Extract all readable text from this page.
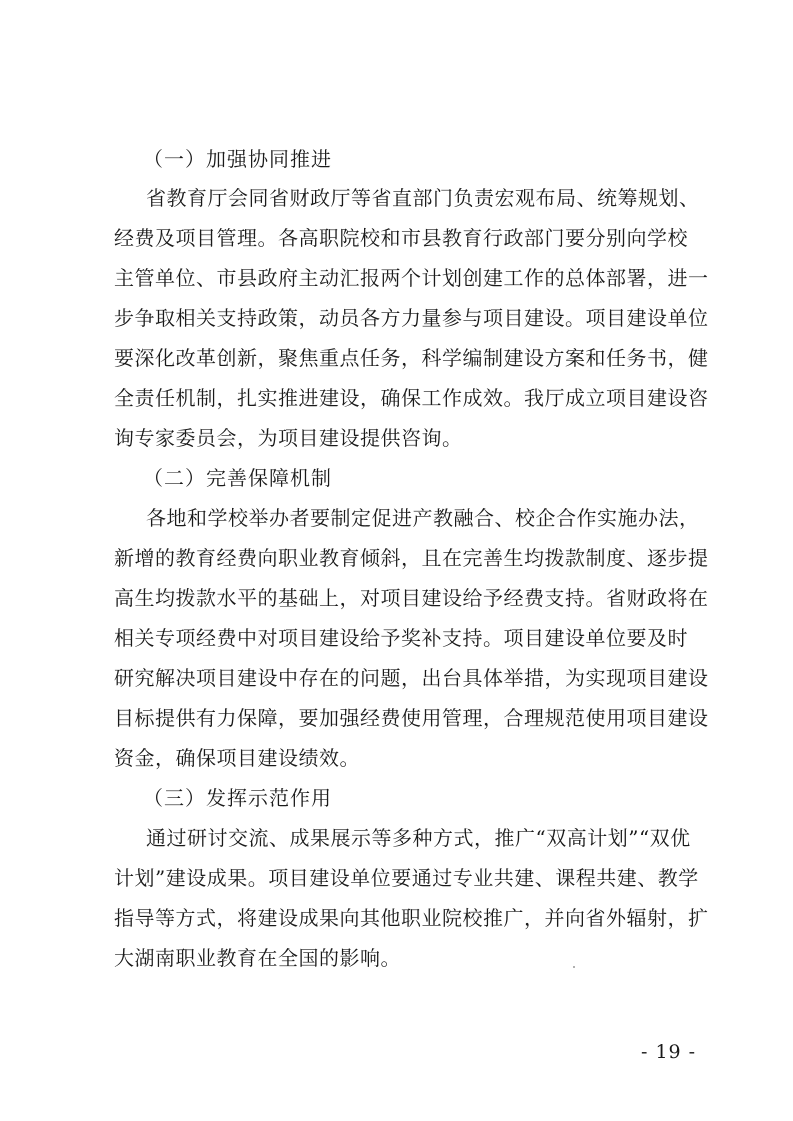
（一）加强协同推进
省教育厅会同省财政厅等省直部门负责宏观布局、统筹规划、
经费及项目管理。各高职院校和市县教育行政部门要分别向学校
主管单位、市县政府主动汇报两个计划创建工作的总体部署，进一
步争取相关支持政策，动员各方力量参与项目建设。项目建设单位
要深化改革创新，聚焦重点任务，科学编制建设方案和任务书，健
全责任机制，扎实推进建设，确保工作成效。我厅成立项目建设咨
询专家委员会，为项目建设提供咨询。
（二）完善保障机制
各地和学校举办者要制定促进产教融合、校企合作实施办法，
新增的教育经费向职业教育倾斜，且在完善生均拨款制度、逐步提
高生均拨款水平的基础上，对项目建设给予经费支持。省财政将在
相关专项经费中对项目建设给予奖补支持。项目建设单位要及时
研究解决项目建设中存在的问题，出台具体举措，为实现项目建设
目标提供有力保障，要加强经费使用管理，合理规范使用项目建设
资金，确保项目建设绩效。
（三）发挥示范作用
通过研讨交流、成果展示等多种方式，推广“双高计划”“双优
计划”建设成果。项目建设单位要通过专业共建、课程共建、教学
指导等方式，将建设成果向其他职业院校推广，并向省外辐射，扩
大湖南职业教育在全国的影响。
- 19 -
